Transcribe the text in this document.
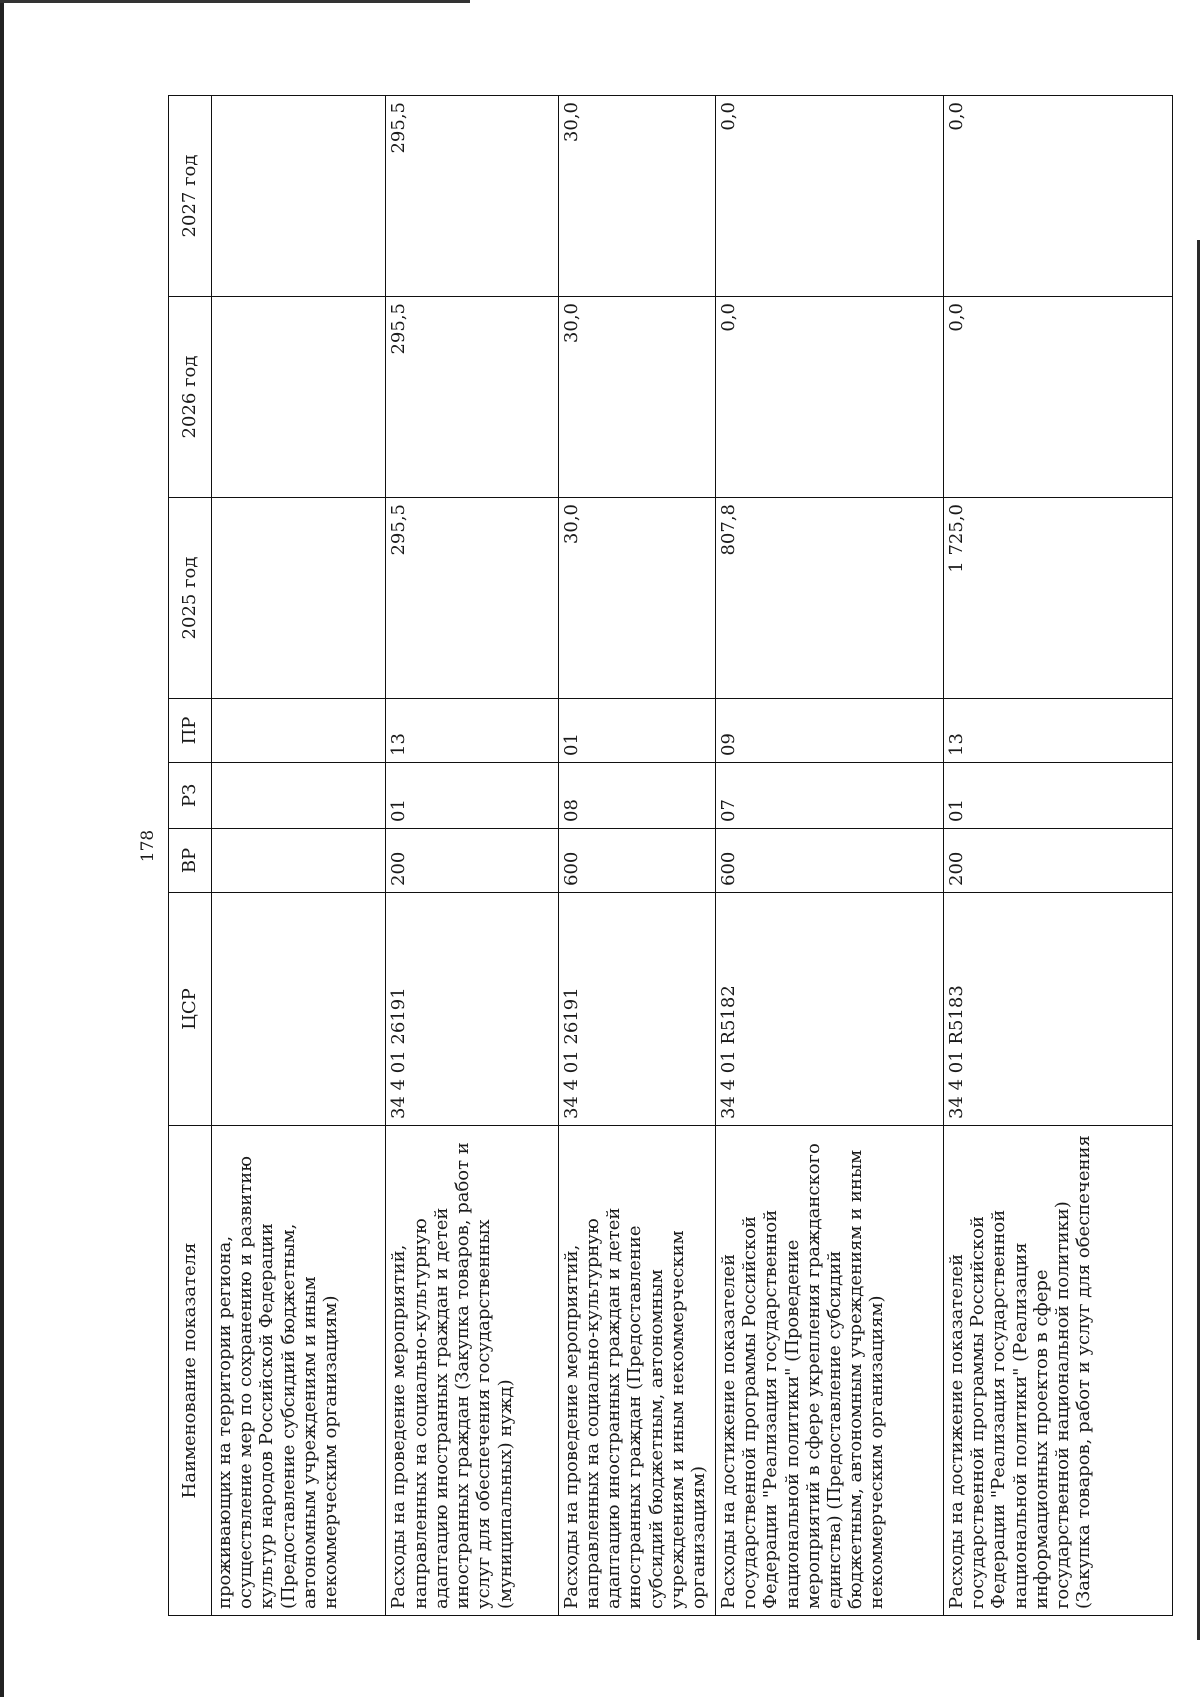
178
Наименование показателя	ЦСР	ВР	РЗ	ПР	2025 год	2026 год	2027 год
проживающих на территории региона, осуществление мер по сохранению и развитию культур народов Российской Федерации (Предоставление субсидий бюджетным, автономным учреждениям и иным некоммерческим организациям)							
Расходы на проведение мероприятий, направленных на социально-культурную адаптацию иностранных граждан и детей иностранных граждан (Закупка товаров, работ и услуг для обеспечения государственных (муниципальных) нужд)	34 4 01 26191	200	01	13	295,5	295,5	295,5
Расходы на проведение мероприятий, направленных на социально-культурную адаптацию иностранных граждан и детей иностранных граждан (Предоставление субсидий бюджетным, автономным учреждениям и иным некоммерческим организациям)	34 4 01 26191	600	08	01	30,0	30,0	30,0
Расходы на достижение показателей государственной программы Российской Федерации "Реализация государственной национальной политики" (Проведение мероприятий в сфере укрепления гражданского единства) (Предоставление субсидий бюджетным, автономным учреждениям и иным некоммерческим организациям)	34 4 01 R5182	600	07	09	807,8	0,0	0,0
Расходы на достижение показателей государственной программы Российской Федерации "Реализация государственной национальной политики" (Реализация информационных проектов в сфере государственной национальной политики) (Закупка товаров, работ и услуг для обеспечения	34 4 01 R5183	200	01	13	1 725,0	0,0	0,0
